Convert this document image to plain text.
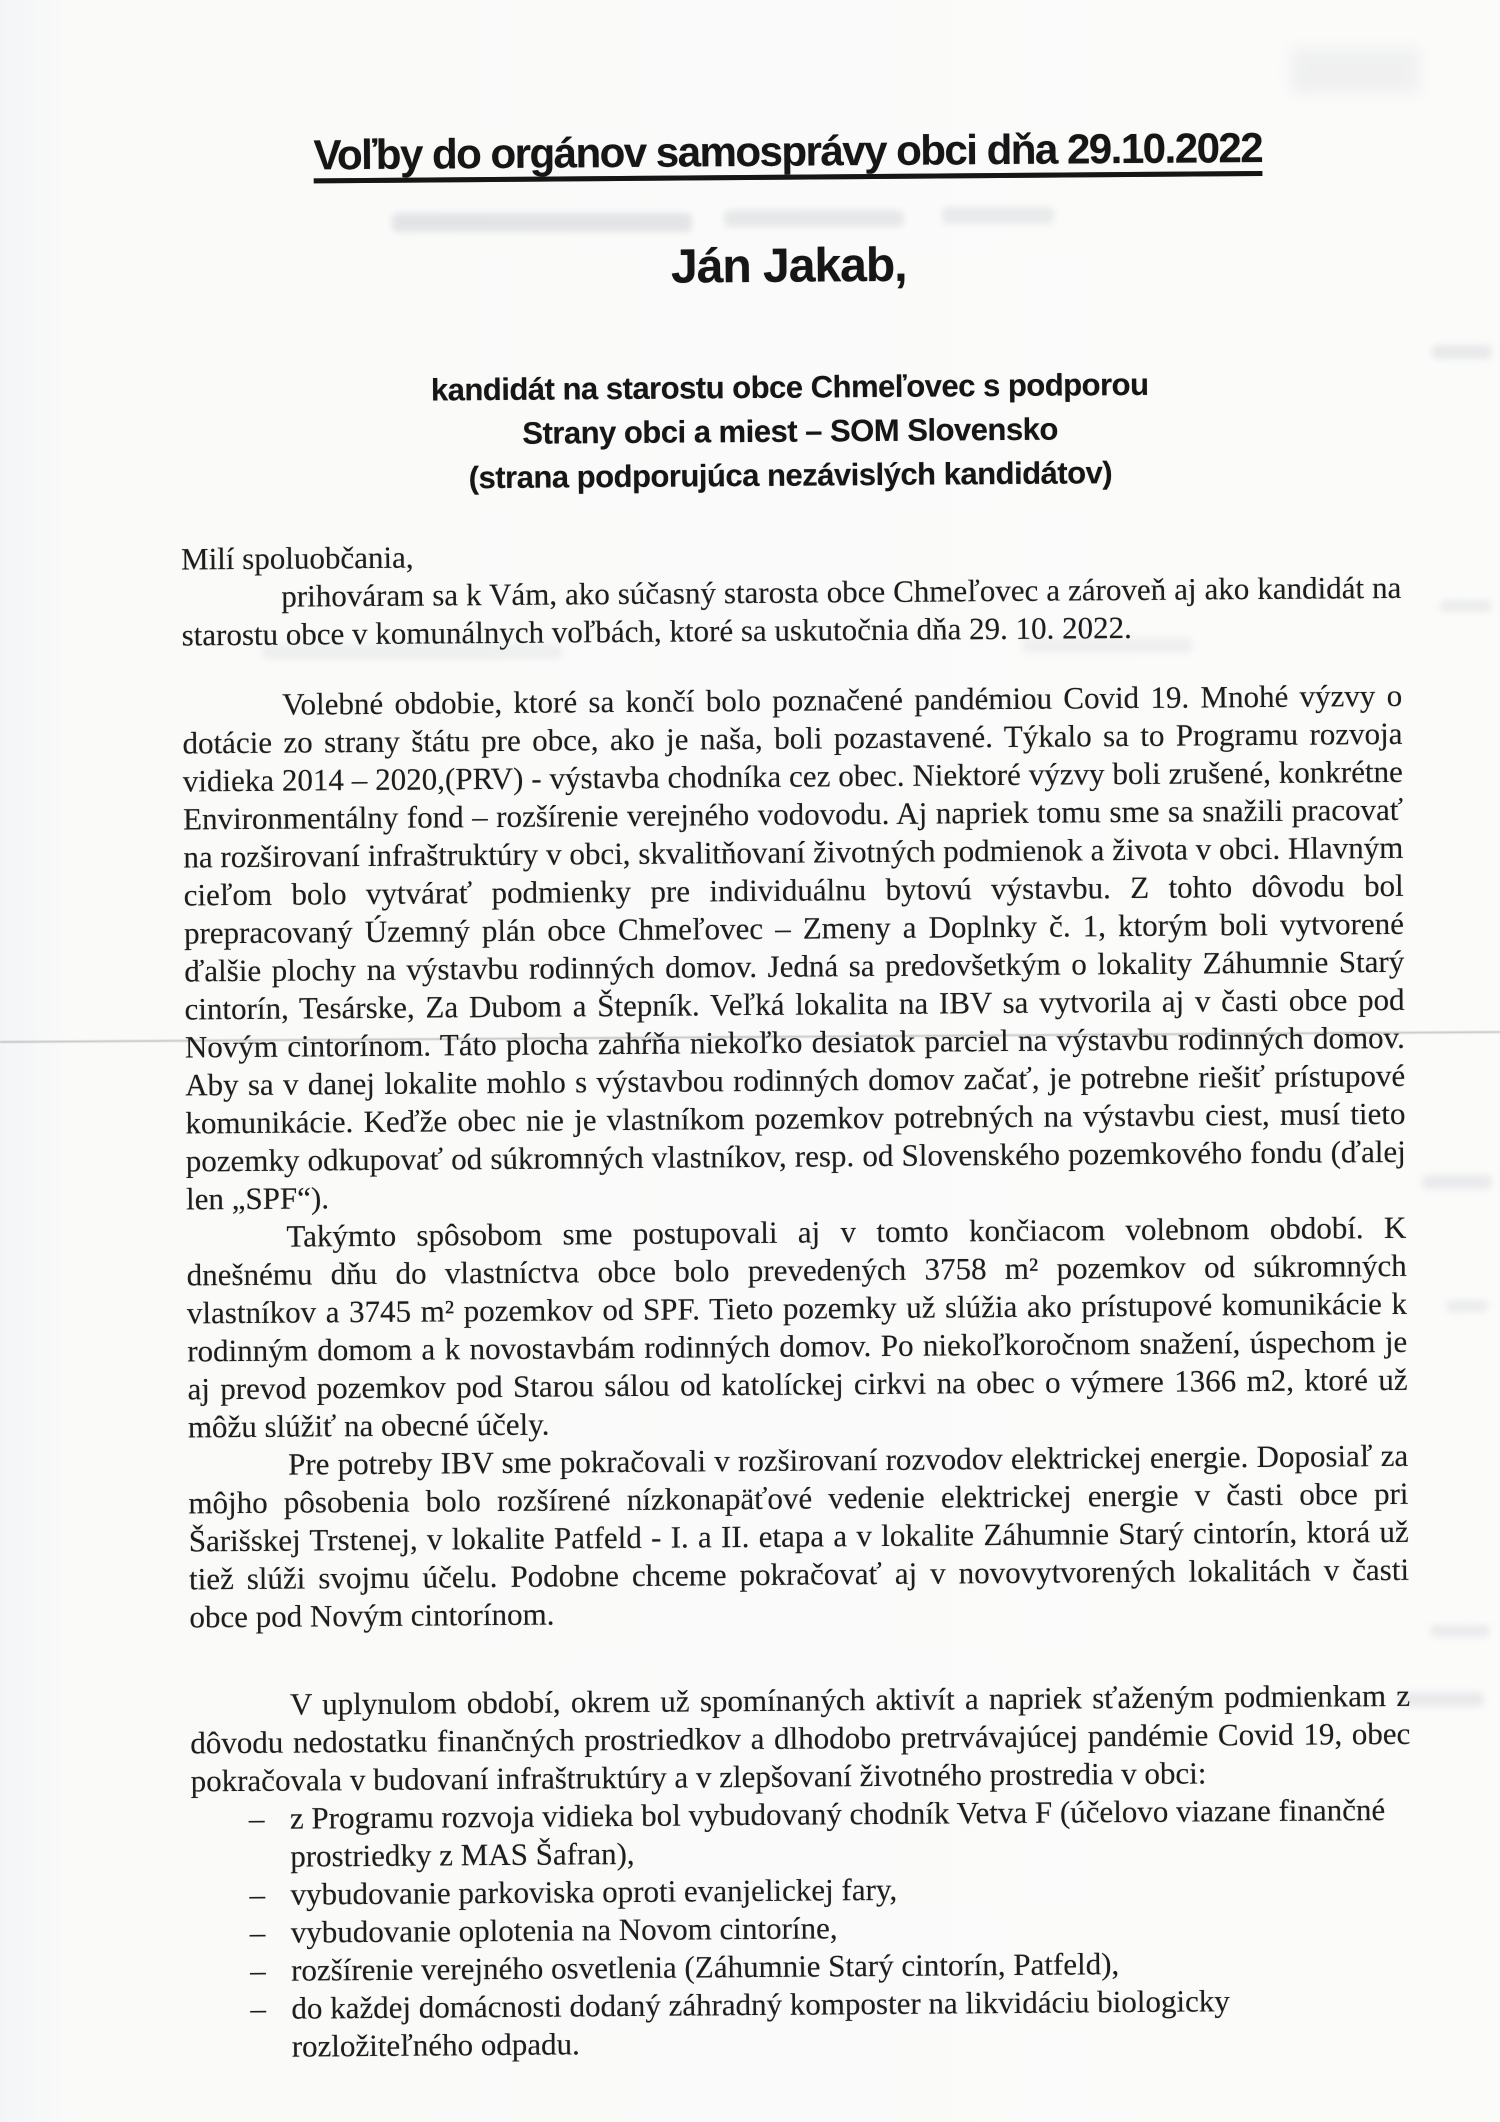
Voľby do orgánov samosprávy obci dňa 29.10.2022
Ján Jakab,
kandidát na starostu obce Chmeľovec s podporou
Strany obci a miest – SOM Slovensko
(strana podporujúca nezávislých kandidátov)

Milí spoluobčania,

prihováram sa k Vám, ako súčasný starosta obce Chmeľovec a zároveň aj ako kandidát na starostu obce v komunálnych voľbách, ktoré sa uskutočnia dňa 29. 10. 2022.

Volebné obdobie, ktoré sa končí bolo poznačené pandémiou Covid 19. Mnohé výzvy o dotácie zo strany štátu pre obce, ako je naša, boli pozastavené. Týkalo sa to Programu rozvoja vidieka 2014 – 2020,(PRV) - výstavba chodníka cez obec. Niektoré výzvy boli zrušené, konkrétne Environmentálny fond – rozšírenie verejného vodovodu. Aj napriek tomu sme sa snažili pracovať na rozširovaní infraštruktúry v obci, skvalitňovaní životných podmienok a života v obci. Hlavným cieľom bolo vytvárať podmienky pre individuálnu bytovú výstavbu. Z tohto dôvodu bol prepracovaný Územný plán obce Chmeľovec – Zmeny a Doplnky č. 1, ktorým boli vytvorené ďalšie plochy na výstavbu rodinných domov. Jedná sa predovšetkým o lokality Záhumnie Starý cintorín, Tesárske, Za Dubom a Štepník. Veľká lokalita na IBV sa vytvorila aj v časti obce pod Novým cintorínom. Táto plocha zahŕňa niekoľko desiatok parciel na výstavbu rodinných domov. Aby sa v danej lokalite mohlo s výstavbou rodinných domov začať, je potrebne riešiť prístupové komunikácie. Keďže obec nie je vlastníkom pozemkov potrebných na výstavbu ciest, musí tieto pozemky odkupovať od súkromných vlastníkov, resp. od Slovenského pozemkového fondu (ďalej len „SPF“).

Takýmto spôsobom sme postupovali aj v tomto končiacom volebnom období. K dnešnému dňu do vlastníctva obce bolo prevedených 3758 m² pozemkov od súkromných vlastníkov a 3745 m² pozemkov od SPF. Tieto pozemky už slúžia ako prístupové komunikácie k rodinným domom a k novostavbám rodinných domov. Po niekoľkoročnom snažení, úspechom je aj prevod pozemkov pod Starou sálou od katolíckej cirkvi na obec o výmere 1366 m2, ktoré už môžu slúžiť na obecné účely.

Pre potreby IBV sme pokračovali v rozširovaní rozvodov elektrickej energie. Doposiaľ za môjho pôsobenia bolo rozšírené nízkonapäťové vedenie elektrickej energie v časti obce pri Šarišskej Trstenej, v lokalite Patfeld - I. a II. etapa a v lokalite Záhumnie Starý cintorín, ktorá už tiež slúži svojmu účelu. Podobne chceme pokračovať aj v novovytvorených lokalitách v časti obce pod Novým cintorínom.

V uplynulom období, okrem už spomínaných aktivít a napriek sťaženým podmienkam z dôvodu nedostatku finančných prostriedkov a dlhodobo pretrvávajúcej pandémie Covid 19, obec pokračovala v budovaní infraštruktúry a v zlepšovaní životného prostredia v obci:

– z Programu rozvoja vidieka bol vybudovaný chodník Vetva F (účelovo viazane finančné prostriedky z MAS Šafran),
– vybudovanie parkoviska oproti evanjelickej fary,
– vybudovanie oplotenia na Novom cintoríne,
– rozšírenie verejného osvetlenia (Záhumnie Starý cintorín, Patfeld),
– do každej domácnosti dodaný záhradný komposter na likvidáciu biologicky rozložiteľného odpadu.
